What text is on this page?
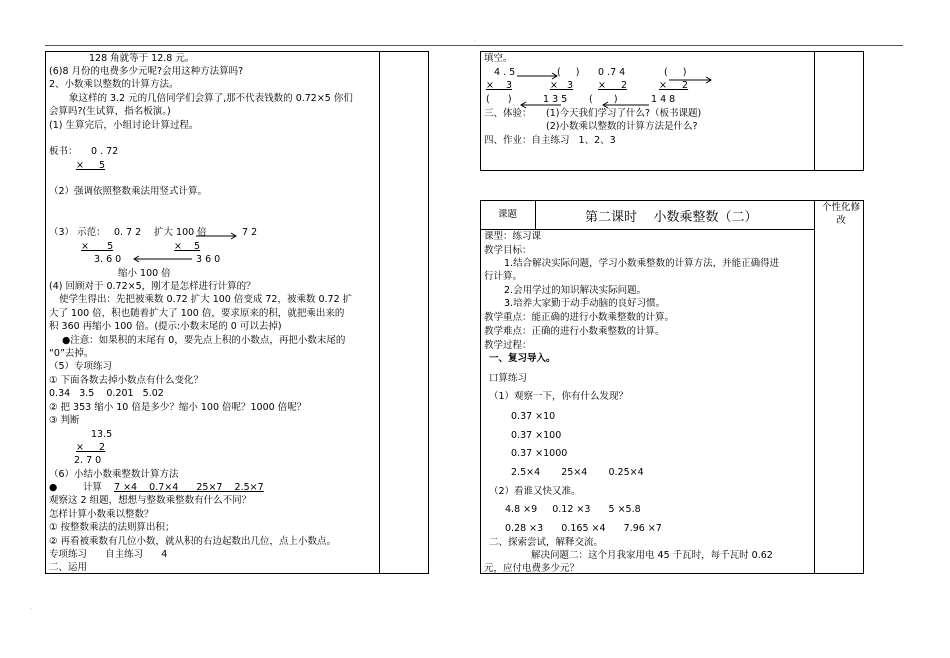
·
·
128 角就等于 12.8 元。
(6)8 月份的电费多少元呢?会用这种方法算吗?
2、小数乘以整数的计算方法。
象这样的 3.2 元的几倍同学们会算了,那不代表钱数的 0.72×5 你们
会算吗?(生试算，指名板演。)
(1) 生算完后，小组讨论计算过程。
板书： 0 . 72
×     5
（2）强调依照整数乘法用竖式计算。
（3） 示范： 0. 7 2 扩大 100 倍	7 2
×      5	×    5
3. 6 0	3 6 0
缩小 100 倍
(4) 回顾对于 0.72×5，刚才是怎样进行计算的？
使学生得出：先把被乘数 0.72 扩大 100 倍变成 72，被乘数 0.72 扩
大了 100 倍，积也随着扩大了 100 倍，要求原来的积，就把乘出来的
积 360 再缩小 100 倍。(提示:小数末尾的 0 可以去掉)
●注意：如果积的末尾有 0，要先点上积的小数点，再把小数末尾的
“0”去掉。
（5）专项练习
① 下面各数去掉小数点有什么变化？
0.34   3.5    0.201   5.02
② 把 353 缩小 10 倍是多少？缩小 100 倍呢？1000 倍呢？
③ 判断
13.5
×     2
2. 7 0
（6）小结小数乘整数计算方法
●	计算 7 ×4    0.7×4      25×7    2.5×7
观察这 2 组题，想想与整数乘整数有什么不同？
怎样计算小数乘以整数？
① 按整数乘法的法则算出积；
② 再看被乘数有几位小数，就从积的右边起数出几位，点上小数点。
专项练习      自主练习      4
二、运用
填空。
4 . 5	(     ) 0 .7 4	(     )
×    3	×   3	×     2	×     2
(      )	1 3 5 (       )	1 4 8
三、体验： (1)今天我们学习了什么?（板书课题)
(2)小数乘以整数的计算方法是什么?
四、作业：自主练习   1、2、3
课题	第二课时    小数乘整数（二）
个性化修改
课型：练习课
教学目标：
1.结合解决实际问题，学习小数乘整数的计算方法，并能正确得进
行计算。
2.会用学过的知识解决实际问题。
3.培养大家勤于动手动脑的良好习惯。
教学重点：能正确的进行小数乘整数的计算。
教学难点：正确的进行小数乘整数的计算。
教学过程：
一、复习导入。
口算练习
（1）观察一下，你有什么发现？
0.37 ×10
0.37 ×100
0.37 ×1000
2.5×4       25×4       0.25×4
（2）看谁又快又准。
4.8 ×9     0.12 ×3      5 ×5.8
0.28 ×3      0.165 ×4      7.96 ×7
二、探索尝试，解释交流。
解决问题二：这个月我家用电 45 千瓦时，每千瓦时 0.62
元，应付电费多少元？
